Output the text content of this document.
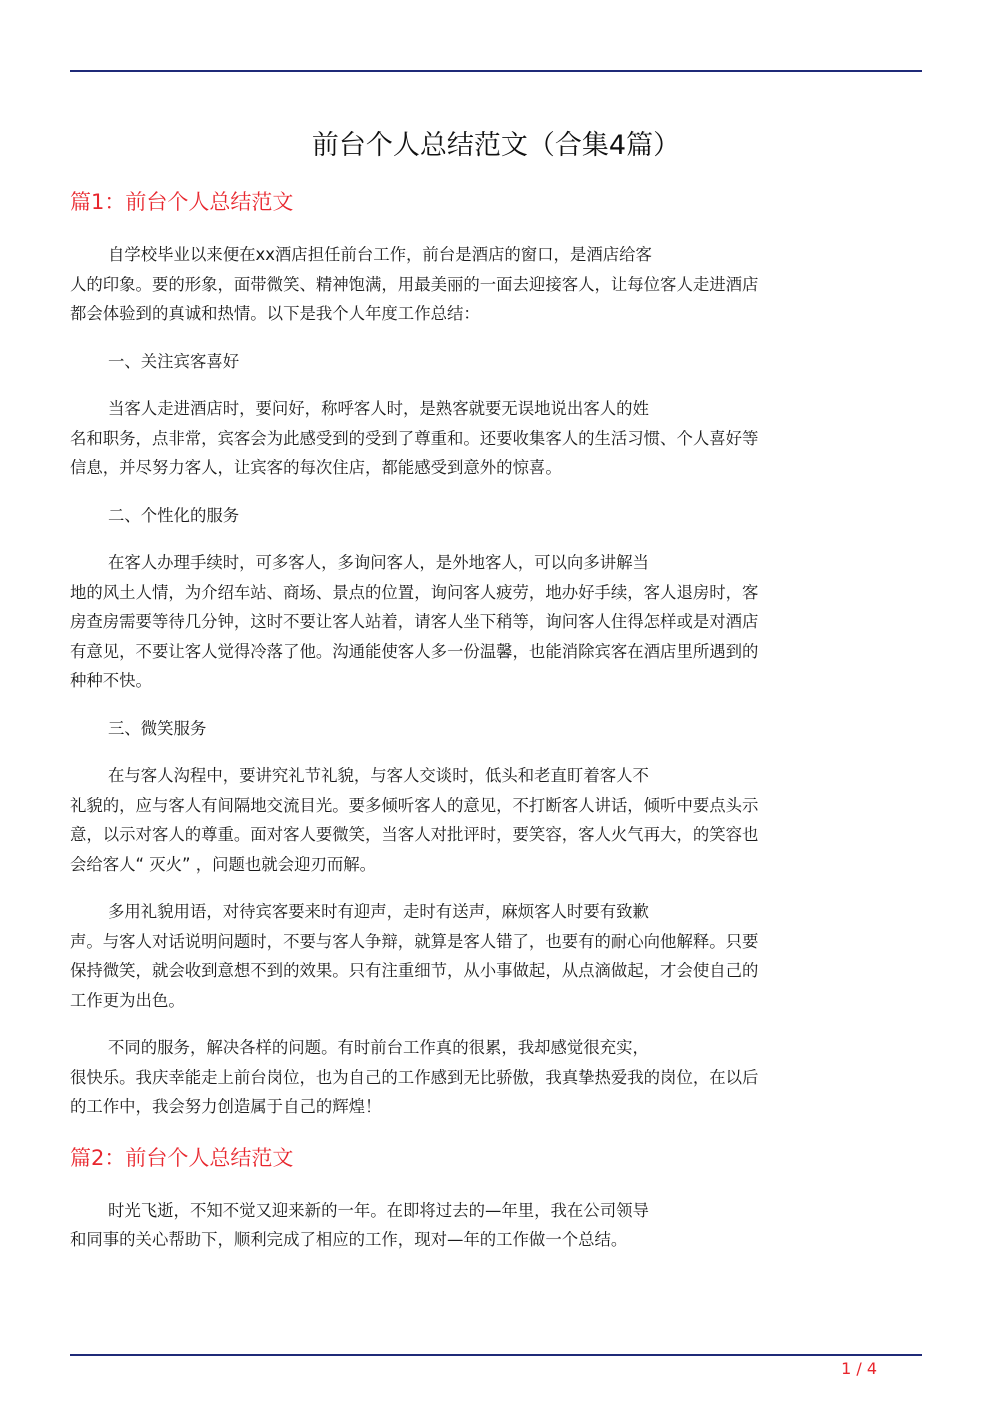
前台个人总结范文（合集4篇）
篇1：前台个人总结范文
自学校毕业以来便在xx酒店担任前台工作，前台是酒店的窗口，是酒店给客
人的印象。要的形象，面带微笑、精神饱满，用最美丽的一面去迎接客人，让每位客人走进酒店
都会体验到的真诚和热情。以下是我个人年度工作总结：
一、关注宾客喜好
当客人走进酒店时，要问好，称呼客人时，是熟客就要无误地说出客人的姓
名和职务，点非常，宾客会为此感受到的受到了尊重和。还要收集客人的生活习惯、个人喜好等
信息，并尽努力客人，让宾客的每次住店，都能感受到意外的惊喜。
二、个性化的服务
在客人办理手续时，可多客人，多询问客人，是外地客人，可以向多讲解当
地的风土人情，为介绍车站、商场、景点的位置，询问客人疲劳，地办好手续，客人退房时，客
房查房需要等待几分钟，这时不要让客人站着，请客人坐下稍等，询问客人住得怎样或是对酒店
有意见，不要让客人觉得冷落了他。沟通能使客人多一份温馨，也能消除宾客在酒店里所遇到的
种种不快。
三、微笑服务
在与客人沟程中，要讲究礼节礼貌，与客人交谈时，低头和老直盯着客人不
礼貌的，应与客人有间隔地交流目光。要多倾听客人的意见，不打断客人讲话，倾听中要点头示
意，以示对客人的尊重。面对客人要微笑，当客人对批评时，要笑容，客人火气再大，的笑容也
会给客人“ 灭火” ，问题也就会迎刃而解。
多用礼貌用语，对待宾客要来时有迎声，走时有送声，麻烦客人时要有致歉
声。与客人对话说明问题时，不要与客人争辩，就算是客人错了，也要有的耐心向他解释。只要
保持微笑，就会收到意想不到的效果。只有注重细节，从小事做起，从点滴做起，才会使自己的
工作更为出色。
不同的服务，解决各样的问题。有时前台工作真的很累，我却感觉很充实，
很快乐。我庆幸能走上前台岗位，也为自己的工作感到无比骄傲，我真挚热爱我的岗位，在以后
的工作中，我会努力创造属于自己的辉煌！
篇2：前台个人总结范文
时光飞逝，不知不觉又迎来新的一年。在即将过去的—年里，我在公司领导
和同事的关心帮助下，顺利完成了相应的工作，现对—年的工作做一个总结。
1 / 4
